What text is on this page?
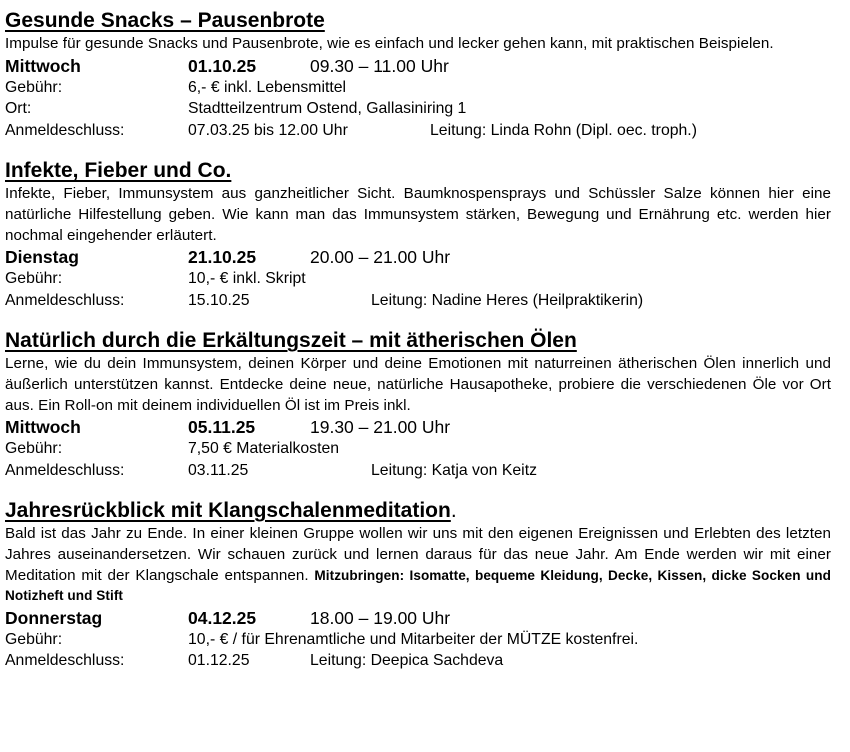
Gesunde Snacks – Pausenbrote
Impulse für gesunde Snacks und Pausenbrote, wie es einfach und lecker gehen kann, mit praktischen Beispielen.
Mittwoch	01.10.25	09.30 – 11.00 Uhr
Gebühr:	6,- € inkl. Lebensmittel
Ort:	Stadtteilzentrum Ostend, Gallasiniring 1
Anmeldeschluss:	07.03.25 bis 12.00 Uhr	Leitung: Linda Rohn (Dipl. oec. troph.)
Infekte, Fieber und Co.
Infekte, Fieber, Immunsystem aus ganzheitlicher Sicht. Baumknospensprays und Schüssler Salze können hier eine natürliche Hilfestellung geben. Wie kann man das Immunsystem stärken, Bewegung und Ernährung etc. werden hier nochmal eingehender erläutert.
Dienstag	21.10.25	20.00 – 21.00 Uhr
Gebühr:	10,- € inkl. Skript
Anmeldeschluss:	15.10.25	Leitung: Nadine Heres (Heilpraktikerin)
Natürlich durch die Erkältungszeit – mit ätherischen Ölen
Lerne, wie du dein Immunsystem, deinen Körper und deine Emotionen mit naturreinen ätherischen Ölen innerlich und äußerlich unterstützen kannst. Entdecke deine neue, natürliche Hausapotheke, probiere die verschiedenen Öle vor Ort aus. Ein Roll-on mit deinem individuellen Öl ist im Preis inkl.
Mittwoch	05.11.25	19.30 – 21.00 Uhr
Gebühr:	7,50 € Materialkosten
Anmeldeschluss:	03.11.25	Leitung: Katja von Keitz
Jahresrückblick mit Klangschalenmeditation.
Bald ist das Jahr zu Ende. In einer kleinen Gruppe wollen wir uns mit den eigenen Ereignissen und Erlebten des letzten Jahres auseinandersetzen. Wir schauen zurück und lernen daraus für das neue Jahr. Am Ende werden wir mit einer Meditation mit der Klangschale entspannen. Mitzubringen: Isomatte, bequeme Kleidung, Decke, Kissen, dicke Socken und Notizheft und Stift
Donnerstag	04.12.25	18.00 – 19.00 Uhr
Gebühr:	10,- € / für Ehrenamtliche und Mitarbeiter der MÜTZE kostenfrei.
Anmeldeschluss:	01.12.25	Leitung: Deepica Sachdeva
